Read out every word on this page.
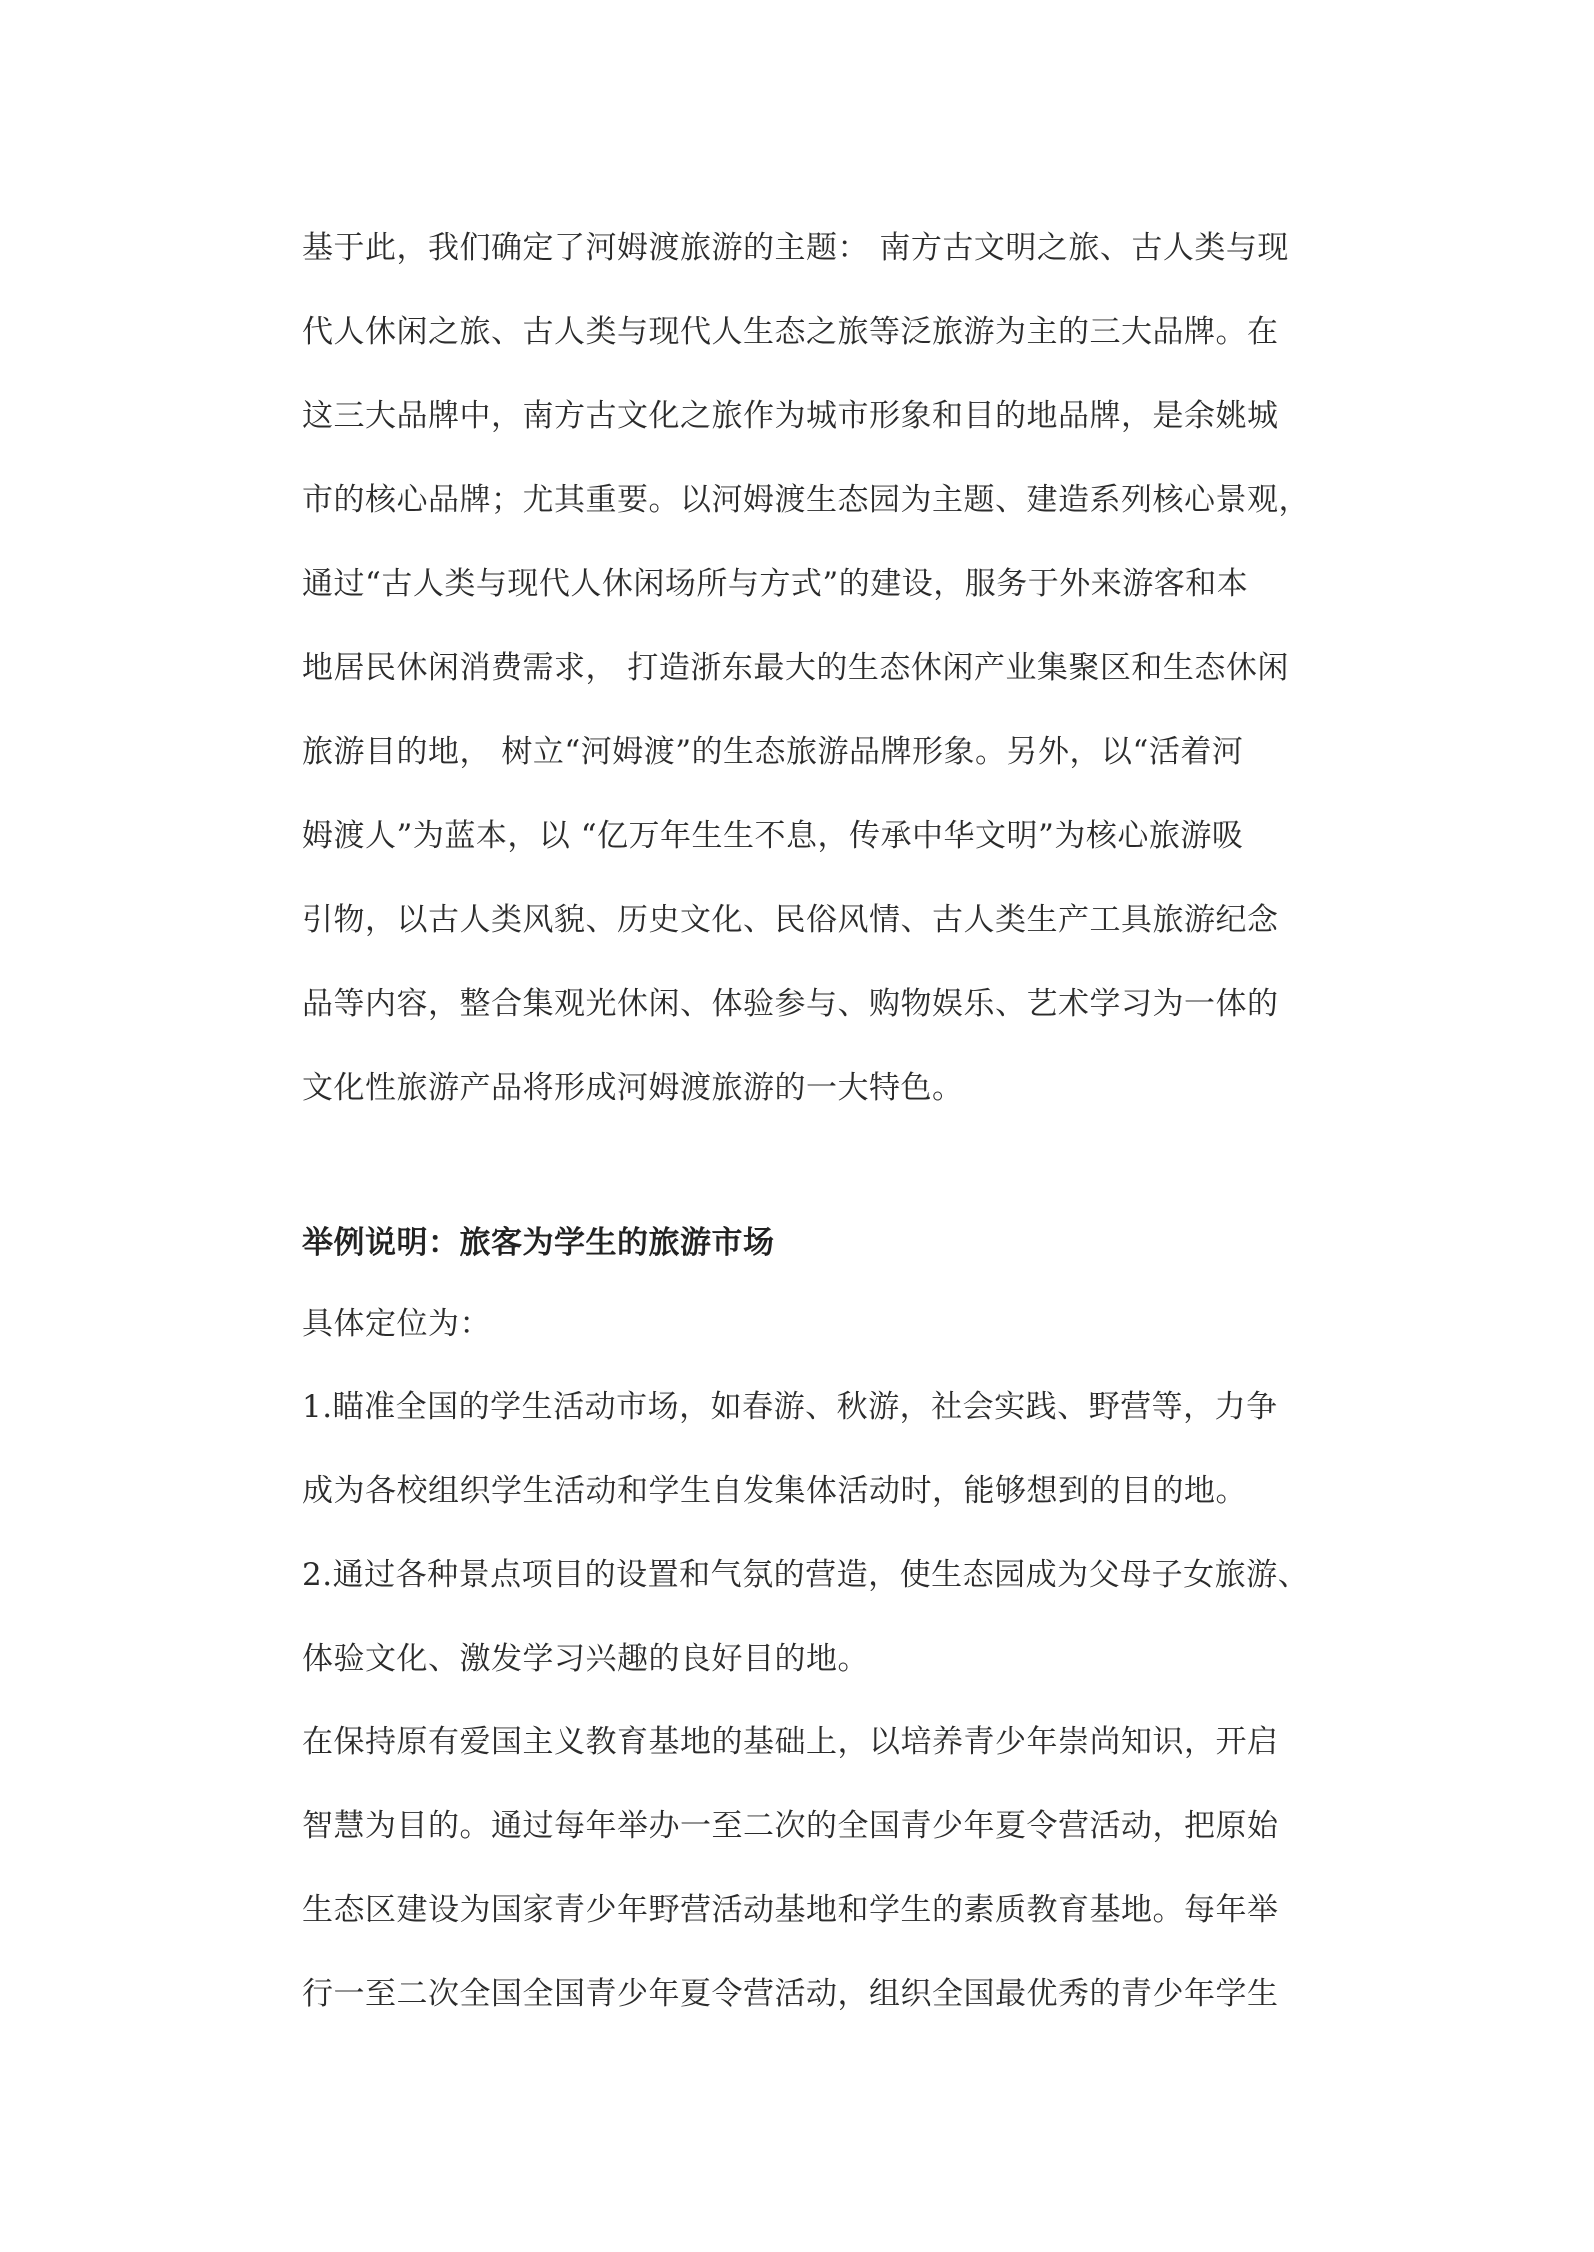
基于此，我们确定了河姆渡旅游的主题： 南方古文明之旅、古人类与现
代人休闲之旅、古人类与现代人生态之旅等泛旅游为主的三大品牌。在
这三大品牌中，南方古文化之旅作为城市形象和目的地品牌，是余姚城
市的核心品牌；尤其重要。以河姆渡生态园为主题、建造系列核心景观，
通过“古人类与现代人休闲场所与方式”的建设，服务于外来游客和本
地居民休闲消费需求， 打造浙东最大的生态休闲产业集聚区和生态休闲
旅游目的地， 树立“河姆渡”的生态旅游品牌形象。另外，以“活着河
姆渡人”为蓝本，以 “亿万年生生不息，传承中华文明”为核心旅游吸
引物，以古人类风貌、历史文化、民俗风情、古人类生产工具旅游纪念
品等内容，整合集观光休闲、体验参与、购物娱乐、艺术学习为一体的
文化性旅游产品将形成河姆渡旅游的一大特色。
举例说明：旅客为学生的旅游市场
具体定位为：
1.瞄准全国的学生活动市场，如春游、秋游，社会实践、野营等，力争
成为各校组织学生活动和学生自发集体活动时，能够想到的目的地。
2.通过各种景点项目的设置和气氛的营造，使生态园成为父母子女旅游、
体验文化、激发学习兴趣的良好目的地。
在保持原有爱国主义教育基地的基础上，以培养青少年崇尚知识，开启
智慧为目的。通过每年举办一至二次的全国青少年夏令营活动，把原始
生态区建设为国家青少年野营活动基地和学生的素质教育基地。每年举
行一至二次全国全国青少年夏令营活动，组织全国最优秀的青少年学生
